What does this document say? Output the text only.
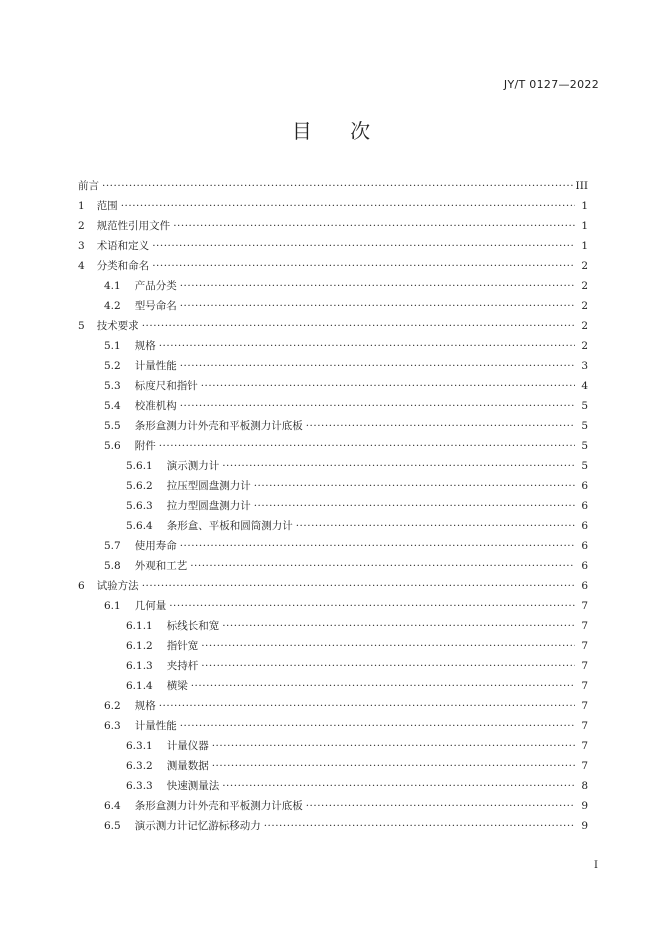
JY/T 0127—2022
目 次
前言 ·····	III
1 范围 ·····	1
2 规范性引用文件 ·····	1
3 术语和定义 ·····	1
4 分类和命名 ·····	2
4.1 产品分类 ·····	2
4.2 型号命名 ·····	2
5 技术要求 ·····	2
5.1 规格 ·····	2
5.2 计量性能 ·····	3
5.3 标度尺和指针 ·····	4
5.4 校准机构 ·····	5
5.5 条形盒测力计外壳和平板测力计底板 ·····	5
5.6 附件 ·····	5
5.6.1 演示测力计 ·····	5
5.6.2 拉压型圆盘测力计 ·····	6
5.6.3 拉力型圆盘测力计 ·····	6
5.6.4 条形盒、平板和圆筒测力计 ·····	6
5.7 使用寿命 ·····	6
5.8 外观和工艺 ·····	6
6 试验方法 ·····	6
6.1 几何量 ·····	7
6.1.1 标线长和宽 ·····	7
6.1.2 指针宽 ·····	7
6.1.3 夹持杆 ·····	7
6.1.4 横梁 ·····	7
6.2 规格 ·····	7
6.3 计量性能 ·····	7
6.3.1 计量仪器 ·····	7
6.3.2 测量数据 ·····	7
6.3.3 快速测量法 ·····	8
6.4 条形盒测力计外壳和平板测力计底板 ·····	9
6.5 演示测力计记忆游标移动力 ·····	9
I
